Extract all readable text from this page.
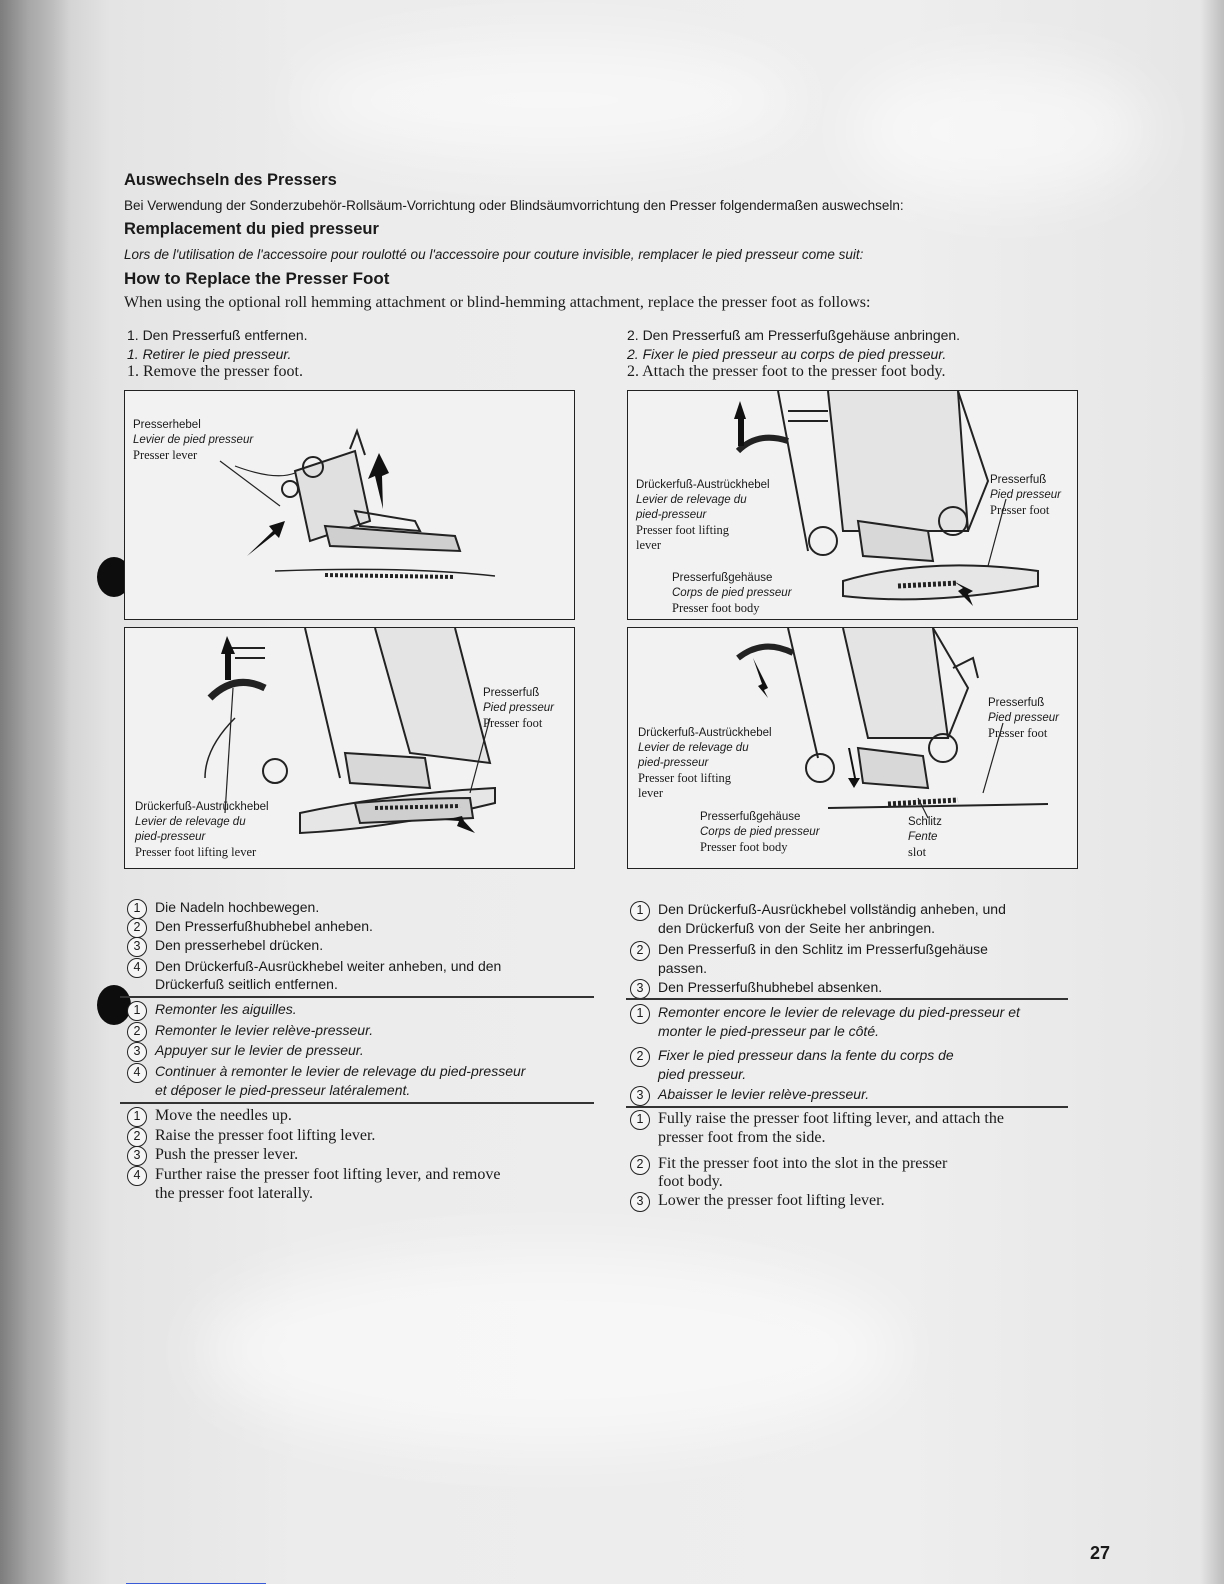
Auswechseln des Pressers
Bei Verwendung der Sonderzubehör-Rollsäum-Vorrichtung oder Blindsäumvorrichtung den Presser folgendermaßen auswechseln:
Remplacement du pied presseur
Lors de l'utilisation de l'accessoire pour roulotté ou l'accessoire pour couture invisible, remplacer le pied presseur come suit:
How to Replace the Presser Foot
When using the optional roll hemming attachment or blind-hemming attachment, replace the presser foot as follows:
1. Den Presserfuß entfernen.
1. Retirer le pied presseur.
1. Remove the presser foot.
2. Den Presserfuß am Presserfußgehäuse anbringen.
2. Fixer le pied presseur au corps de pied presseur.
2. Attach the presser foot to the presser foot body.
Presserhebel
Levier de pied presseur
Presser lever
Drückerfuß-Austrückhebel
Levier de relevage du
pied-presseur
Presser foot lifting
lever
Presserfuß
Pied presseur
Presser foot
Presserfußgehäuse
Corps de pied presseur
Presser foot body
Presserfuß
Pied presseur
Presser foot
Drückerfuß-Austrückhebel
Levier de relevage du
pied-presseur
Presser foot lifting lever
Presserfuß
Pied presseur
Presser foot
Drückerfuß-Austrückhebel
Levier de relevage du
pied-presseur
Presser foot lifting
lever
Presserfußgehäuse
Corps de pied presseur
Presser foot body
Schlitz
Fente
slot
1	Die Nadeln hochbewegen.
2	Den Presserfußhubhebel anheben.
3	Den presserhebel drücken.
4	Den Drückerfuß-Ausrückhebel weiter anheben, und den
Drückerfuß seitlich entfernen.
1	Remonter les aiguilles.
2	Remonter le levier relève-presseur.
3	Appuyer sur le levier de presseur.
4	Continuer à remonter le levier de relevage du pied-presseur
et déposer le pied-presseur latéralement.
1 Move the needles up.
2 Raise the presser foot lifting lever.
3 Push the presser lever.
4 Further raise the presser foot lifting lever, and remove
the presser foot laterally.
1	Den Drückerfuß-Ausrückhebel vollständig anheben, und
den Drückerfuß von der Seite her anbringen.
2	Den Presserfuß in den Schlitz im Presserfußgehäuse
passen.
3	Den Presserfußhubhebel absenken.
1	Remonter encore le levier de relevage du pied-presseur et
monter le pied-presseur par le côté.
2	Fixer le pied presseur dans la fente du corps de
pied presseur.
3	Abaisser le levier relève-presseur.
1 Fully raise the presser foot lifting lever, and attach the
presser foot from the side.
2 Fit the presser foot into the slot in the presser
foot body.
3 Lower the presser foot lifting lever.
27
